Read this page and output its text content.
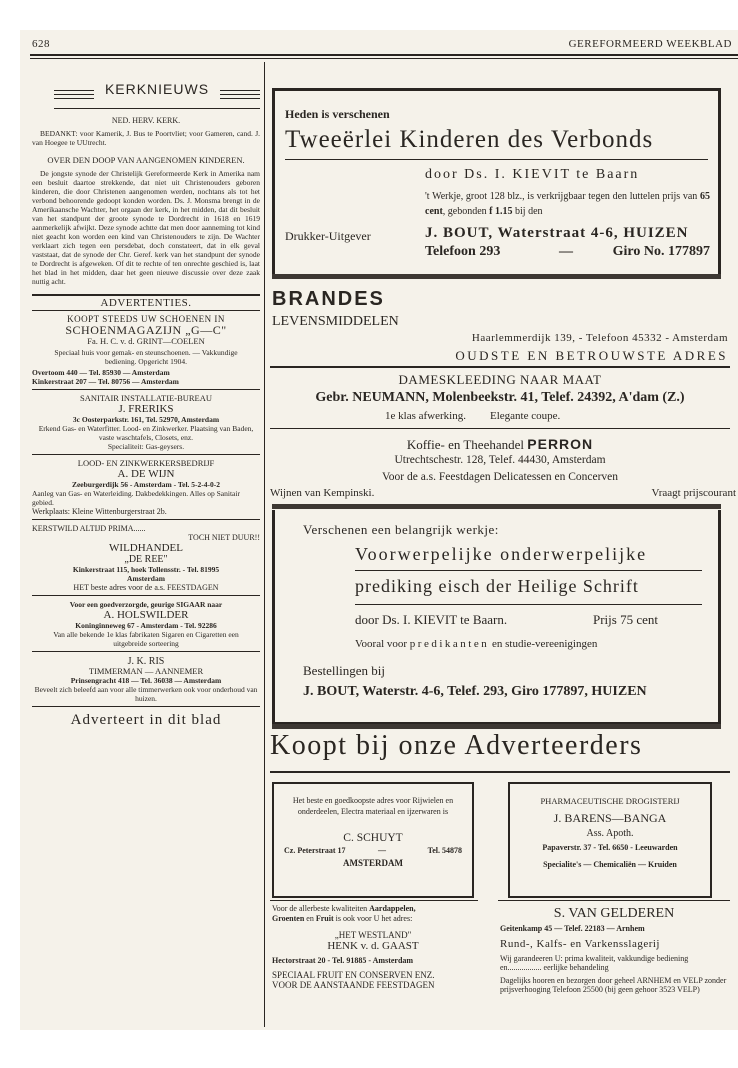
628	GEREFORMEERD WEEKBLAD
KERKNIEUWS
NED. HERV. KERK.
BEDANKT: voor Kamerik, J. Bus te Poortvliet; voor Gameren, cand. J. van Hoegee te UUtrecht.
OVER DEN DOOP VAN AANGENOMEN KINDEREN.
De jongste synode der Christelijk Gereformeerde Kerk in Amerika nam een besluit daartoe strekkende, dat niet uit Christenouders geboren kinderen, die door Christenen aangenomen werden, nochtans als tot het verbond behoorende gedoopt konden worden. Ds. J. Monsma brengt in de Amerikaansche Wachter, het orgaan der kerk, in het midden, dat dit besluit van het standpunt der groote synode te Dordrecht in 1618 en 1619 aanmerkelijk afwijkt. Deze synode achtte dat men door aanneming tot kind niet geacht kon worden een kind van Christenouders te zijn. De Wachter verklaart zich tegen een persdebat, doch constateert, dat in elk geval vaststaat, dat de synode der Chr. Geref. kerk van het standpunt der synode te Dordrecht is afgeweken. Of dit te rechte of ten onrechte geschied is, laat het blad in het midden, daar het geen nieuwe discussie over deze zaak nuttig acht.
ADVERTENTIES.
KOOPT STEEDS UW SCHOENEN IN
SCHOENMAGAZIJN „G—C"
Fa. H. C. v. d. GRINT—COELEN
Speciaal huis voor gemak- en steunschoenen. — Vakkundige bediening. Opgericht 1904.
Overtoom 440 — Tel. 85930 — Amsterdam
Kinkerstraat 207 — Tel. 80756 — Amsterdam
SANITAIR INSTALLATIE-BUREAU
J. FRERIKS
3c Oosterparkstr. 161, Tel. 52970, Amsterdam
Erkend Gas- en Waterfitter. Lood- en Zinkwerker. Plaatsing van Baden, vaste waschtafels, Closets, enz.
Specialiteit: Gas-geysers.
LOOD- EN ZINKWERKERSBEDRIJF
A. DE WIJN
Zeeburgerdijk 56 - Amsterdam - Tel. 5-2-4-0-2
Aanleg van Gas- en Waterleiding. Dakbedekkingen. Alles op Sanitair gebied.
Werkplaats: Kleine Wittenburgerstraat 2b.
KERSTWILD ALTIJD PRIMA......
TOCH NIET DUUR!!
WILDHANDEL
„DE REE"
Kinkerstraat 115, hoek Tollensstr. - Tel. 81995
Amsterdam
HET beste adres voor de a.s. FEESTDAGEN
Voor een goedverzorgde, geurige SIGAAR naar
A. HOLSWILDER
Koninginneweg 67 - Amsterdam - Tel. 92286
Van alle bekende 1e klas fabrikaten Sigaren en Cigaretten een uitgebreide sorteering
J. K. RIS
TIMMERMAN — AANNEMER
Prinsengracht 418 — Tel. 36038 — Amsterdam
Beveelt zich beleefd aan voor alle timmerwerken ook voor onderhoud van huizen.
Adverteert in dit blad
Heden is verschenen
Tweeërlei Kinderen des Verbonds
door Ds. I. KIEVIT te Baarn
't Werkje, groot 128 blz., is verkrijgbaar tegen den luttelen prijs van 65 cent, gebonden f 1.15 bij den
Drukker-Uitgever	J. BOUT, Waterstraat 4-6, HUIZEN
Telefoon 293	—	Giro No. 177897
BRANDES
LEVENSMIDDELEN
Haarlemmerdijk 139, - Telefoon 45332 - Amsterdam
OUDSTE EN BETROUWSTE ADRES
DAMESKLEEDING NAAR MAAT
Gebr. NEUMANN, Molenbeekstr. 41, Telef. 24392, A'dam (Z.)
1e klas afwerking. Elegante coupe.
Koffie- en Theehandel PERRON
Utrechtschestr. 128, Telef. 44430, Amsterdam
Voor de a.s. Feestdagen Delicatessen en Concerven
Wijnen van Kempinski.	Vraagt prijscourant
Verschenen een belangrijk werkje:
Voorwerpelijke onderwerpelijke
prediking eisch der Heilige Schrift
door Ds. I. KIEVIT te Baarn.	Prijs 75 cent
Vooral voor predikanten en studie-vereenigingen
Bestellingen bij
J. BOUT, Waterstr. 4-6, Telef. 293, Giro 177897, HUIZEN
Koopt bij onze Adverteerders
Het beste en goedkoopste adres voor Rijwielen en onderdeelen, Electra materiaal en ijzerwaren is
C. SCHUYT
Cz. Peterstraat 17	—	Tel. 54878
AMSTERDAM
PHARMACEUTISCHE DROGISTERIJ
J. BARENS—BANGA
Ass. Apoth.
Papaverstr. 37 - Tel. 6650 - Leeuwarden
Specialite's — Chemicaliën — Kruiden
Voor de allerbeste kwaliteiten Aardappelen,
Groenten en Fruit is ook voor U het adres:
„HET WESTLAND"
HENK v. d. GAAST
Hectorstraat 20 - Tel. 91885 - Amsterdam
SPECIAAL FRUIT EN CONSERVEN ENZ.
VOOR DE AANSTAANDE FEESTDAGEN
S. VAN GELDEREN
Geitenkamp 45 — Telef. 22183 — Arnhem
Rund-, Kalfs- en Varkensslagerij
Wij garandeeren U: prima kwaliteit, vakkundige bediening en................. eerlijke behandeling
Dagelijks hooren en bezorgen door geheel ARNHEM en VELP zonder prijsverhooging Telefoon 25500 (bij geen gehoor 3523 VELP)
